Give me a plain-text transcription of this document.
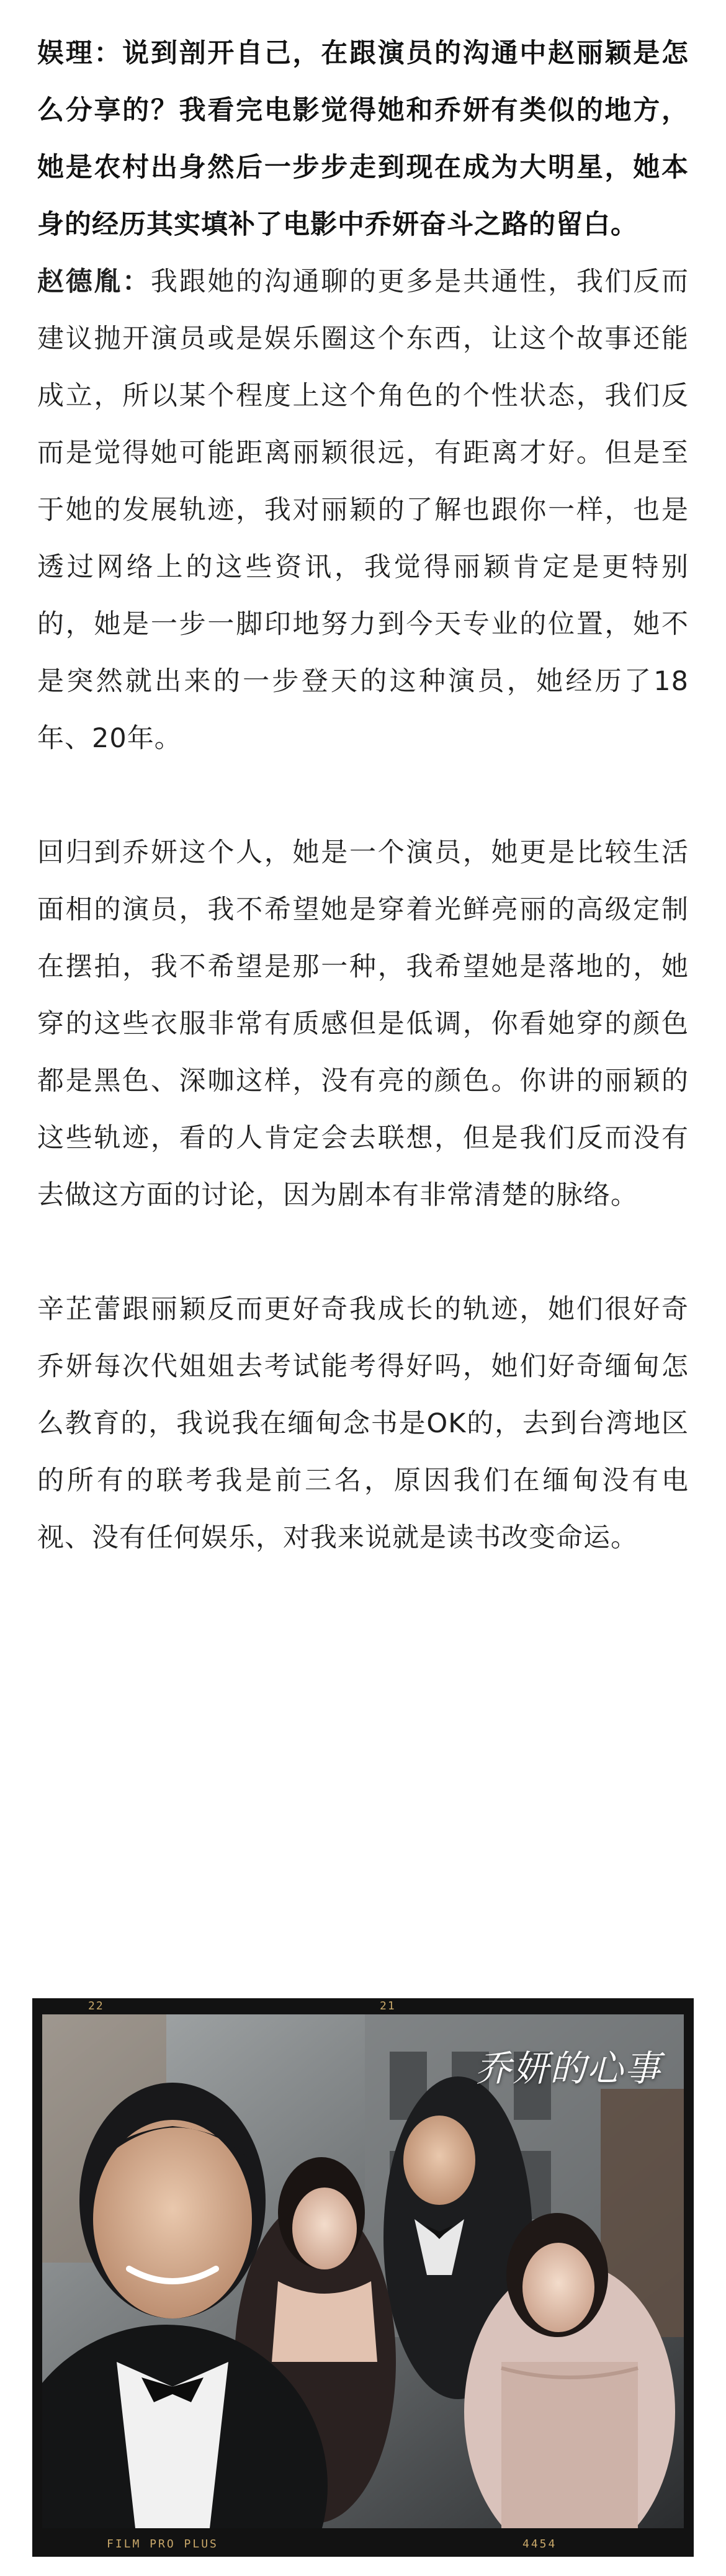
娱理：说到剖开自己，在跟演员的沟通中赵丽颖是怎么分享的？我看完电影觉得她和乔妍有类似的地方，她是农村出身然后一步步走到现在成为大明星，她本身的经历其实填补了电影中乔妍奋斗之路的留白。

赵德胤：我跟她的沟通聊的更多是共通性，我们反而建议抛开演员或是娱乐圈这个东西，让这个故事还能成立，所以某个程度上这个角色的个性状态，我们反而是觉得她可能距离丽颖很远，有距离才好。但是至于她的发展轨迹，我对丽颖的了解也跟你一样，也是透过网络上的这些资讯，我觉得丽颖肯定是更特别的，她是一步一脚印地努力到今天专业的位置，她不是突然就出来的一步登天的这种演员，她经历了18年、20年。

回归到乔妍这个人，她是一个演员，她更是比较生活面相的演员，我不希望她是穿着光鲜亮丽的高级定制在摆拍，我不希望是那一种，我希望她是落地的，她穿的这些衣服非常有质感但是低调，你看她穿的颜色都是黑色、深咖这样，没有亮的颜色。你讲的丽颖的这些轨迹，看的人肯定会去联想，但是我们反而没有去做这方面的讨论，因为剧本有非常清楚的脉络。

辛芷蕾跟丽颖反而更好奇我成长的轨迹，她们很好奇乔妍每次代姐姐去考试能考得好吗，她们好奇缅甸怎么教育的，我说我在缅甸念书是OK的，去到台湾地区的所有的联考我是前三名，原因我们在缅甸没有电视、没有任何娱乐，对我来说就是读书改变命运。

22	21
乔妍的心事
FILM PRO PLUS	4454
